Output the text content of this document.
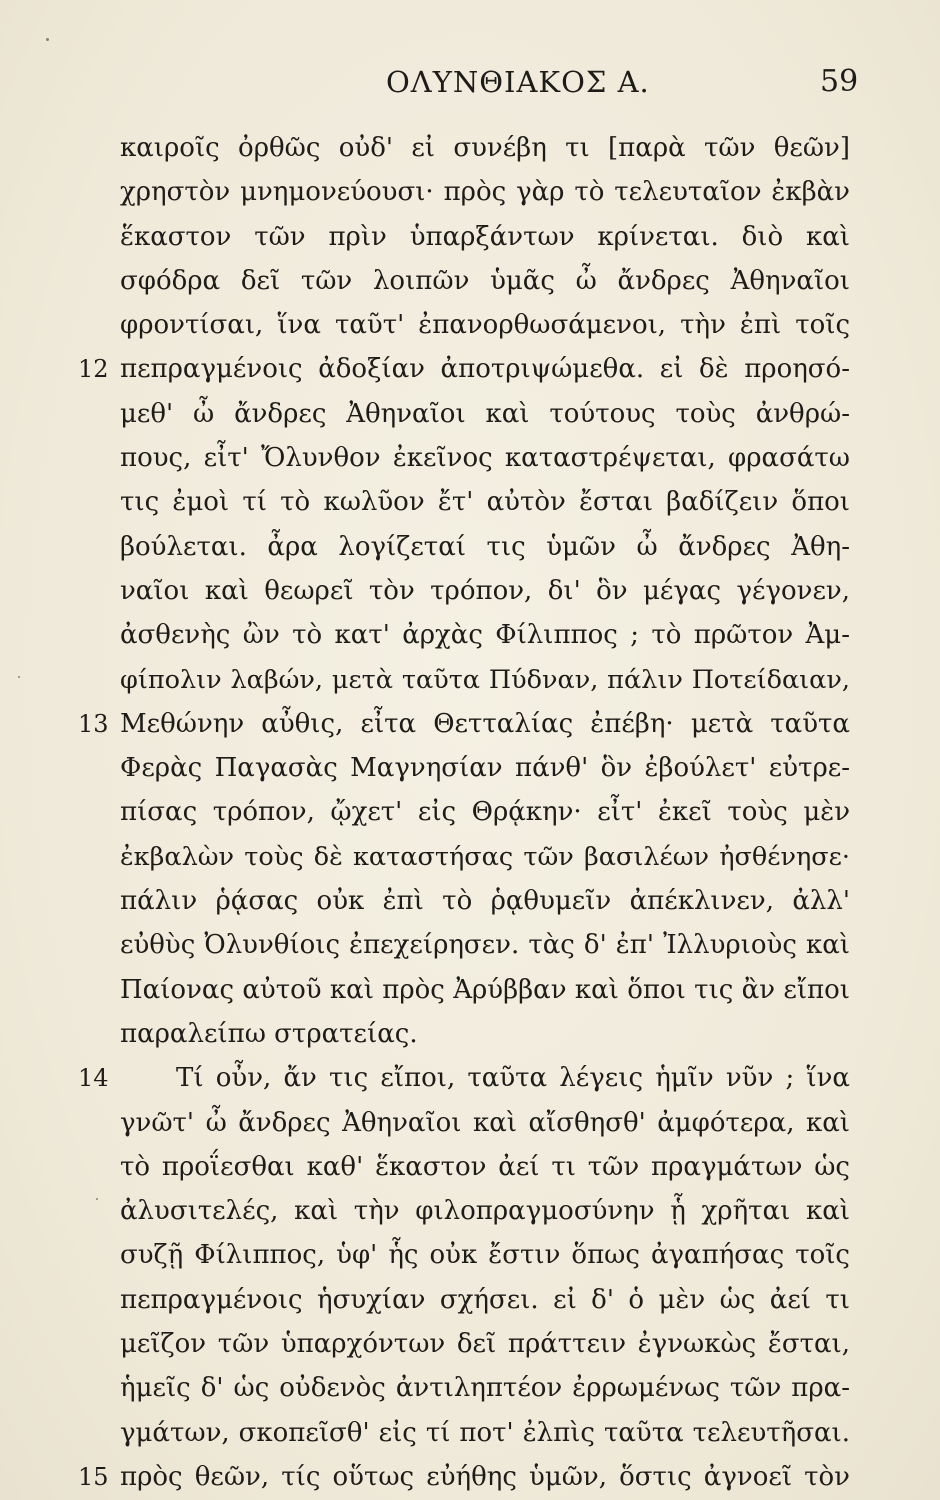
ΟΛΥΝΘΙΑΚΟΣ Α.	59
καιροῖς ὀρθῶς οὐδ' εἰ συνέβη τι [παρὰ τῶν θεῶν]
χρηστὸν μνημονεύουσι· πρὸς γὰρ τὸ τελευταῖον ἐκβὰν
ἕκαστον τῶν πρὶν ὑπαρξάντων κρίνεται. διὸ καὶ
σφόδρα δεῖ τῶν λοιπῶν ὑμᾶς ὦ ἄνδρες Ἀθηναῖοι
φροντίσαι, ἵνα ταῦτ' ἐπανορθωσάμενοι, τὴν ἐπὶ τοῖς
12 πεπραγμένοις ἀδοξίαν ἀποτριψώμεθα. εἰ δὲ προησό-
μεθ' ὦ ἄνδρες Ἀθηναῖοι καὶ τούτους τοὺς ἀνθρώ-
πους, εἶτ' Ὄλυνθον ἐκεῖνος καταστρέψεται, φρασάτω
τις ἐμοὶ τί τὸ κωλῦον ἔτ' αὐτὸν ἔσται βαδίζειν ὅποι
βούλεται. ἆρα λογίζεταί τις ὑμῶν ὦ ἄνδρες Ἀθη-
ναῖοι καὶ θεωρεῖ τὸν τρόπον, δι' ὃν μέγας γέγονεν,
ἀσθενὴς ὢν τὸ κατ' ἀρχὰς Φίλιππος ; τὸ πρῶτον Ἀμ-
φίπολιν λαβών, μετὰ ταῦτα Πύδναν, πάλιν Ποτείδαιαν,
13 Μεθώνην αὖθις, εἶτα Θετταλίας ἐπέβη· μετὰ ταῦτα
Φερὰς Παγασὰς Μαγνησίαν πάνθ' ὃν ἐβούλετ' εὐτρε-
πίσας τρόπον, ᾤχετ' εἰς Θρᾴκην· εἶτ' ἐκεῖ τοὺς μὲν
ἐκβαλὼν τοὺς δὲ καταστήσας τῶν βασιλέων ἠσθένησε·
πάλιν ῥᾴσας οὐκ ἐπὶ τὸ ῥᾳθυμεῖν ἀπέκλινεν, ἀλλ'
εὐθὺς Ὀλυνθίοις ἐπεχείρησεν. τὰς δ' ἐπ' Ἰλλυριοὺς καὶ
Παίονας αὐτοῦ καὶ πρὸς Ἀρύββαν καὶ ὅποι τις ἂν εἴποι
παραλείπω στρατείας.
14	Τί οὖν, ἄν τις εἴποι, ταῦτα λέγεις ἡμῖν νῦν ; ἵνα
γνῶτ' ὦ ἄνδρες Ἀθηναῖοι καὶ αἴσθησθ' ἀμφότερα, καὶ
τὸ προΐεσθαι καθ' ἕκαστον ἀεί τι τῶν πραγμάτων ὡς
ἀλυσιτελές, καὶ τὴν φιλοπραγμοσύνην ᾗ χρῆται καὶ
συζῇ Φίλιππος, ὑφ' ἧς οὐκ ἔστιν ὅπως ἀγαπήσας τοῖς
πεπραγμένοις ἡσυχίαν σχήσει. εἰ δ' ὁ μὲν ὡς ἀεί τι
μεῖζον τῶν ὑπαρχόντων δεῖ πράττειν ἐγνωκὼς ἔσται,
ἡμεῖς δ' ὡς οὐδενὸς ἀντιληπτέον ἐρρωμένως τῶν πρα-
γμάτων, σκοπεῖσθ' εἰς τί ποτ' ἐλπὶς ταῦτα τελευτῆσαι.
15 πρὸς θεῶν, τίς οὕτως εὐήθης ὑμῶν, ὅστις ἀγνοεῖ τὸν
